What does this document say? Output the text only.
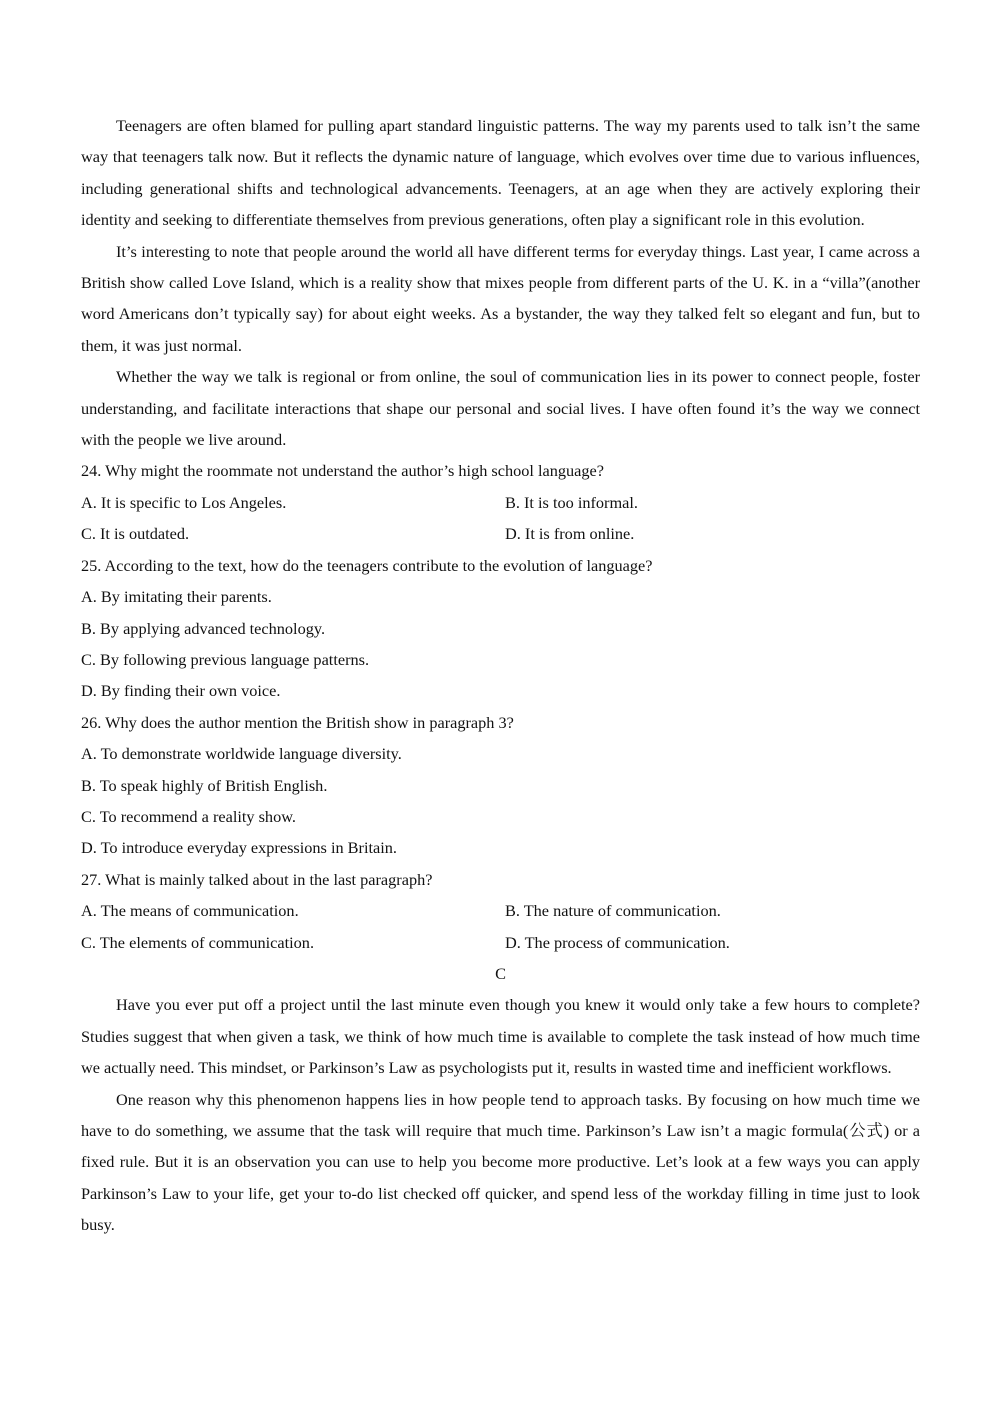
Teenagers are often blamed for pulling apart standard linguistic patterns. The way my parents used to talk isn’t the same way that teenagers talk now. But it reflects the dynamic nature of language, which evolves over time due to various influences, including generational shifts and technological advancements. Teenagers, at an age when they are actively exploring their identity and seeking to differentiate themselves from previous generations, often play a significant role in this evolution.

It’s interesting to note that people around the world all have different terms for everyday things. Last year, I came across a British show called Love Island, which is a reality show that mixes people from different parts of the U. K. in a “villa”(another word Americans don’t typically say) for about eight weeks. As a bystander, the way they talked felt so elegant and fun, but to them, it was just normal.

Whether the way we talk is regional or from online, the soul of communication lies in its power to connect people, foster understanding, and facilitate interactions that shape our personal and social lives. I have often found it’s the way we connect with the people we live around.

24. Why might the roommate not understand the author’s high school language?

A. It is specific to Los Angeles.	B. It is too informal.
C. It is outdated.	D. It is from online.

25. According to the text, how do the teenagers contribute to the evolution of language?

A. By imitating their parents.

B. By applying advanced technology.

C. By following previous language patterns.

D. By finding their own voice.

26. Why does the author mention the British show in paragraph 3?

A. To demonstrate worldwide language diversity.

B. To speak highly of British English.

C. To recommend a reality show.

D. To introduce everyday expressions in Britain.

27. What is mainly talked about in the last paragraph?

A. The means of communication.	B. The nature of communication.
C. The elements of communication.	D. The process of communication.

C

Have you ever put off a project until the last minute even though you knew it would only take a few hours to complete? Studies suggest that when given a task, we think of how much time is available to complete the task instead of how much time we actually need. This mindset, or Parkinson’s Law as psychologists put it, results in wasted time and inefficient workflows.

One reason why this phenomenon happens lies in how people tend to approach tasks. By focusing on how much time we have to do something, we assume that the task will require that much time. Parkinson’s Law isn’t a magic formula(公式) or a fixed rule. But it is an observation you can use to help you become more productive. Let’s look at a few ways you can apply Parkinson’s Law to your life, get your to-do list checked off quicker, and spend less of the workday filling in time just to look busy.
